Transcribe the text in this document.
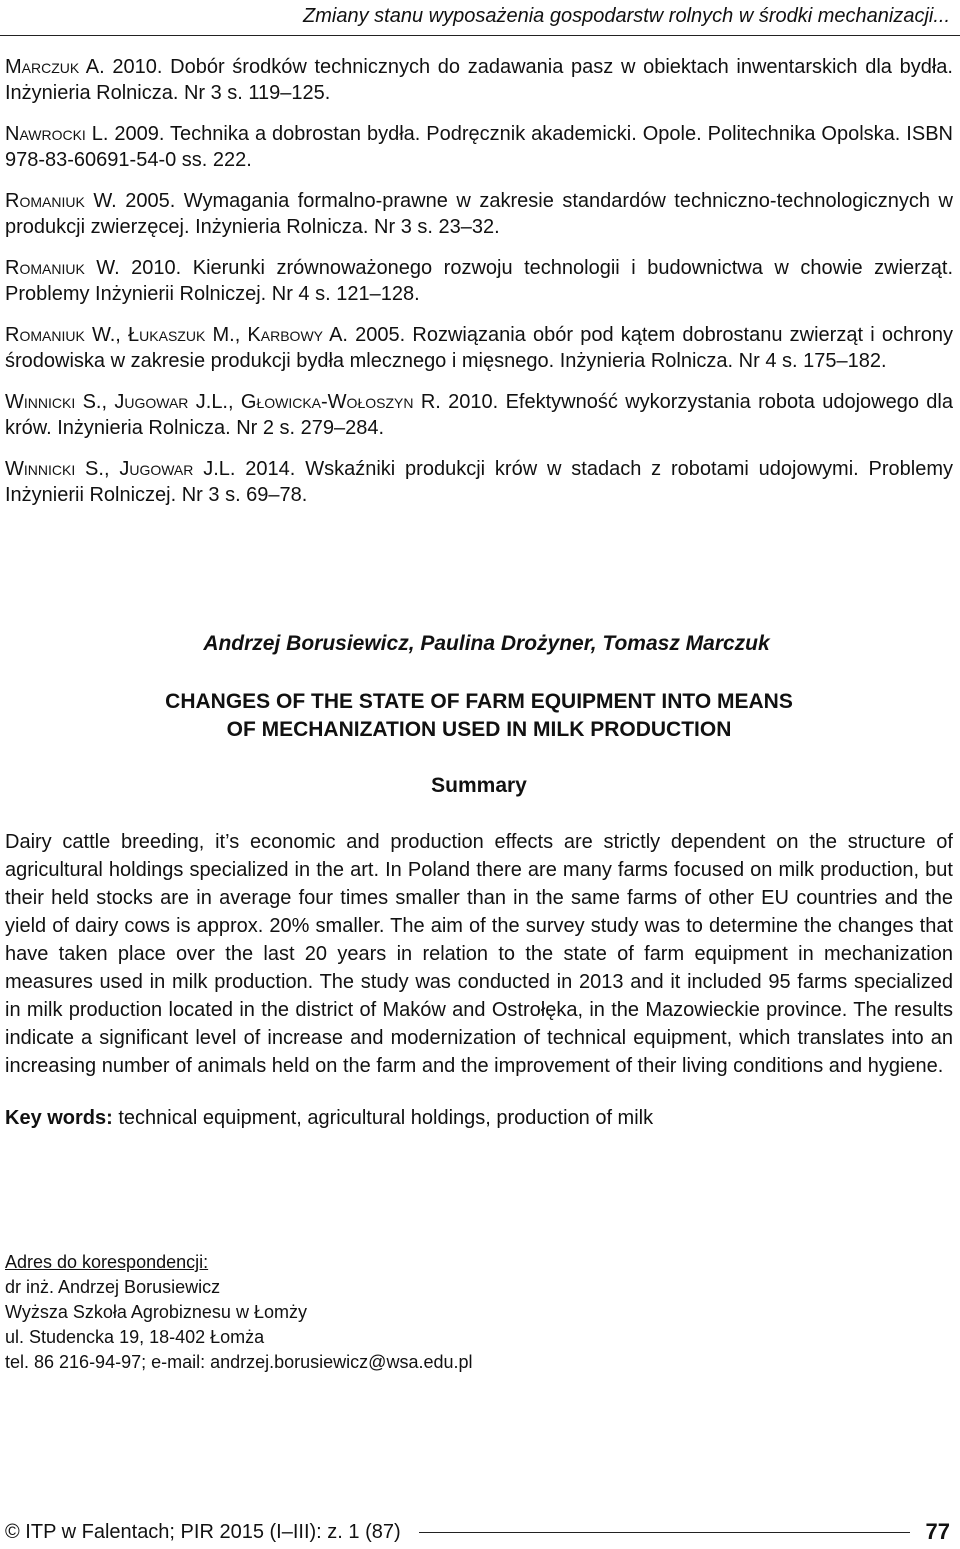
Zmiany stanu wyposażenia gospodarstw rolnych w środki mechanizacji...

Marczuk A. 2010. Dobór środków technicznych do zadawania pasz w obiektach inwentarskich dla bydła. Inżynieria Rolnicza. Nr 3 s. 119–125.

Nawrocki L. 2009. Technika a dobrostan bydła. Podręcznik akademicki. Opole. Politechnika Opolska. ISBN 978-83-60691-54-0 ss. 222.

Romaniuk W. 2005. Wymagania formalno-prawne w zakresie standardów techniczno-technologicznych w produkcji zwierzęcej. Inżynieria Rolnicza. Nr 3 s. 23–32.

Romaniuk W. 2010. Kierunki zrównoważonego rozwoju technologii i budownictwa w chowie zwierząt. Problemy Inżynierii Rolniczej. Nr 4 s. 121–128.

Romaniuk W., Łukaszuk M., Karbowy A. 2005. Rozwiązania obór pod kątem dobrostanu zwierząt i ochrony środowiska w zakresie produkcji bydła mlecznego i mięsnego. Inżynieria Rolnicza. Nr 4 s. 175–182.

Winnicki S., Jugowar J.L., Głowicka-Wołoszyn R. 2010. Efektywność wykorzystania robota udojowego dla krów. Inżynieria Rolnicza. Nr 2 s. 279–284.

Winnicki S., Jugowar J.L. 2014. Wskaźniki produkcji krów w stadach z robotami udojowymi. Problemy Inżynierii Rolniczej. Nr 3 s. 69–78.

Andrzej Borusiewicz, Paulina Drożyner, Tomasz Marczuk
CHANGES OF THE STATE OF FARM EQUIPMENT INTO MEANS
OF MECHANIZATION USED IN MILK PRODUCTION
Summary
Dairy cattle breeding, it’s economic and production effects are strictly dependent on the structure of agricultural holdings specialized in the art. In Poland there are many farms focused on milk production, but their held stocks are in average four times smaller than in the same farms of other EU countries and the yield of dairy cows is approx. 20% smaller. The aim of the survey study was to determine the changes that have taken place over the last 20 years in relation to the state of farm equipment in mechanization measures used in milk production. The study was conducted in 2013 and it included 95 farms specialized in milk production located in the district of Maków and Ostrołęka, in the Mazowieckie province. The results indicate a significant level of increase and modernization of technical equipment, which translates into an increasing number of animals held on the farm and the improvement of their living conditions and hygiene.
Key words: technical equipment, agricultural holdings, production of milk
Adres do korespondencji:
dr inż. Andrzej Borusiewicz
Wyższa Szkoła Agrobiznesu w Łomży
ul. Studencka 19, 18-402 Łomża
tel. 86 216-94-97; e-mail: andrzej.borusiewicz@wsa.edu.pl
© ITP w Falentach; PIR 2015 (I–III): z. 1 (87)	77
